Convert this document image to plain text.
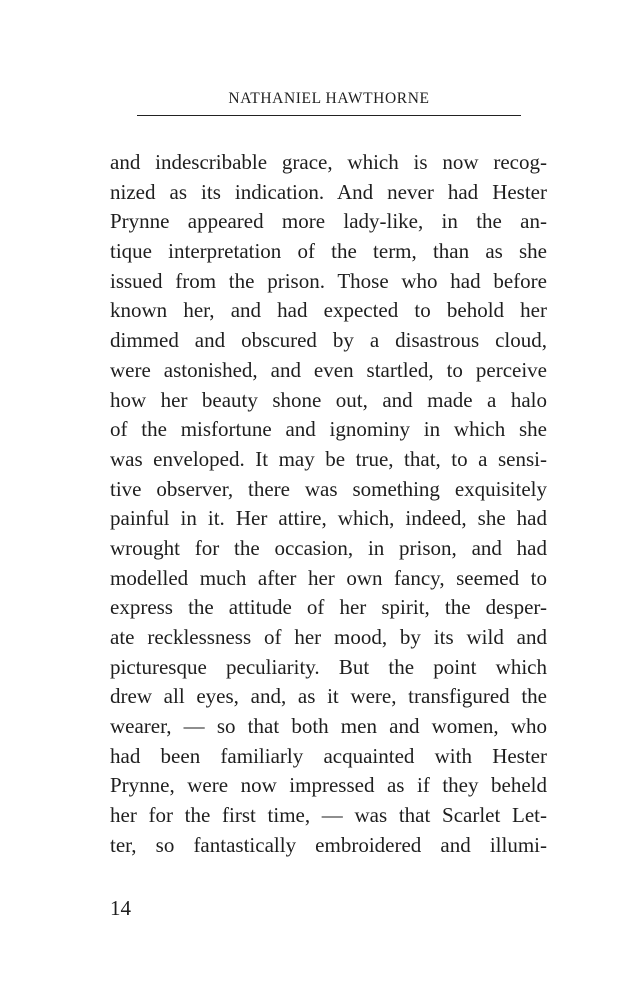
NATHANIEL HAWTHORNE
and indescribable grace, which is now recog-
nized as its indication. And never had Hester
Prynne appeared more lady-like, in the an-
tique interpretation of the term, than as she
issued from the prison. Those who had before
known her, and had expected to behold her
dimmed and obscured by a disastrous cloud,
were astonished, and even startled, to perceive
how her beauty shone out, and made a halo
of the misfortune and ignominy in which she
was enveloped. It may be true, that, to a sensi-
tive observer, there was something exquisitely
painful in it. Her attire, which, indeed, she had
wrought for the occasion, in prison, and had
modelled much after her own fancy, seemed to
express the attitude of her spirit, the desper-
ate recklessness of her mood, by its wild and
picturesque peculiarity. But the point which
drew all eyes, and, as it were, transfigured the
wearer, — so that both men and women, who
had been familiarly acquainted with Hester
Prynne, were now impressed as if they beheld
her for the first time, — was that Scarlet Let-
ter, so fantastically embroidered and illumi-
14
